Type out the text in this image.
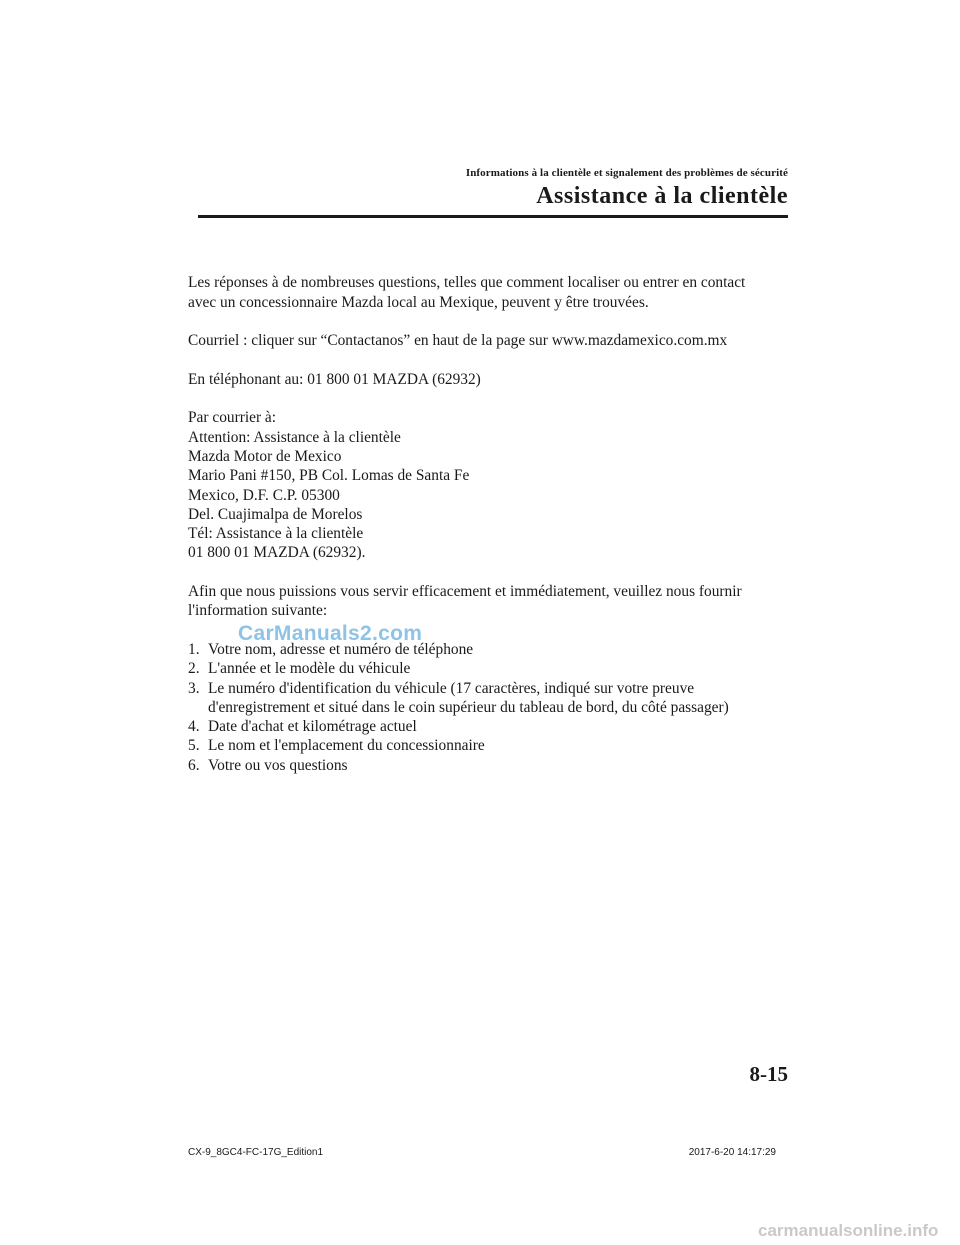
Informations à la clientèle et signalement des problèmes de sécurité
Assistance à la clientèle

Les réponses à de nombreuses questions, telles que comment localiser ou entrer en contact
avec un concessionnaire Mazda local au Mexique, peuvent y être trouvées.

Courriel : cliquer sur “Contactanos” en haut de la page sur www.mazdamexico.com.mx

En téléphonant au: 01 800 01 MAZDA (62932)

Par courrier à:
Attention: Assistance à la clientèle
Mazda Motor de Mexico
Mario Pani #150, PB Col. Lomas de Santa Fe
Mexico, D.F. C.P. 05300
Del. Cuajimalpa de Morelos
Tél: Assistance à la clientèle
01 800 01 MAZDA (62932).

Afin que nous puissions vous servir efficacement et immédiatement, veuillez nous fournir
l'information suivante:

1. Votre nom, adresse et numéro de téléphone
2. L'année et le modèle du véhicule
3. Le numéro d'identification du véhicule (17 caractères, indiqué sur votre preuve
d'enregistrement et situé dans le coin supérieur du tableau de bord, du côté passager)
4. Date d'achat et kilométrage actuel
5. Le nom et l'emplacement du concessionnaire
6. Votre ou vos questions
CarManuals2.com
8-15
CX-9_8GC4-FC-17G_Edition1	2017-6-20 14:17:29
carmanualsonline.info
